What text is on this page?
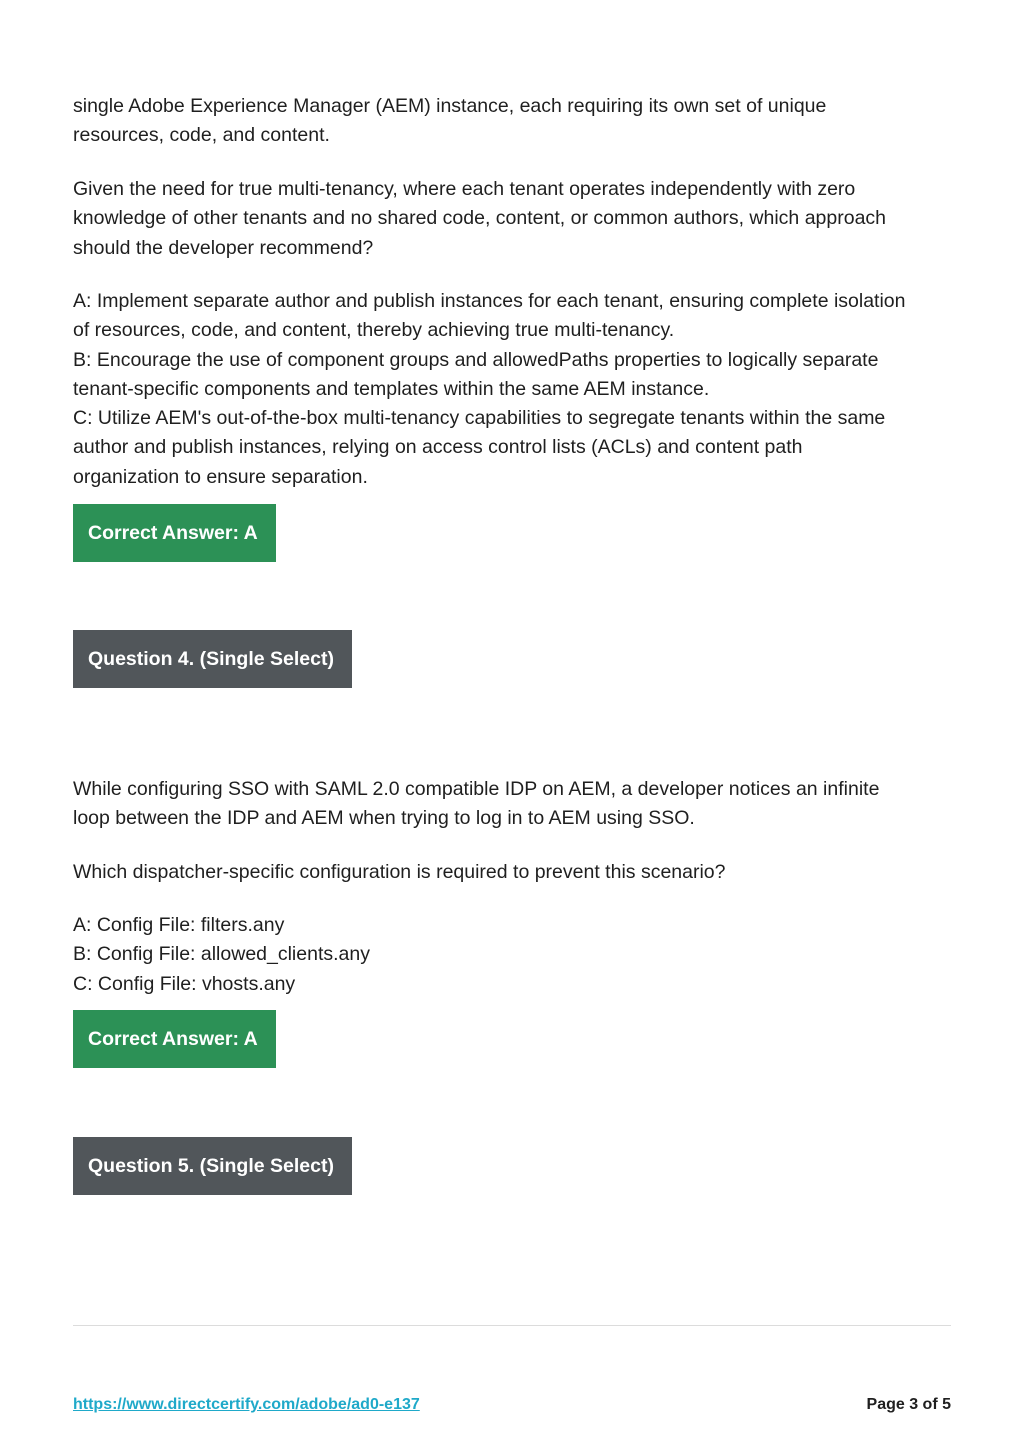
single Adobe Experience Manager (AEM) instance, each requiring its own set of unique
resources, code, and content.

Given the need for true multi-tenancy, where each tenant operates independently with zero
knowledge of other tenants and no shared code, content, or common authors, which approach
should the developer recommend?

A: Implement separate author and publish instances for each tenant, ensuring complete isolation
of resources, code, and content, thereby achieving true multi-tenancy.
B: Encourage the use of component groups and allowedPaths properties to logically separate
tenant-specific components and templates within the same AEM instance.
C: Utilize AEM's out-of-the-box multi-tenancy capabilities to segregate tenants within the same
author and publish instances, relying on access control lists (ACLs) and content path
organization to ensure separation.

Correct Answer: A
Question 4. (Single Select)

While configuring SSO with SAML 2.0 compatible IDP on AEM, a developer notices an infinite
loop between the IDP and AEM when trying to log in to AEM using SSO.

Which dispatcher-specific configuration is required to prevent this scenario?

A: Config File: filters.any
B: Config File: allowed_clients.any
C: Config File: vhosts.any

Correct Answer: A
Question 5. (Single Select)
https://www.directcertify.com/adobe/ad0-e137	Page 3 of 5
